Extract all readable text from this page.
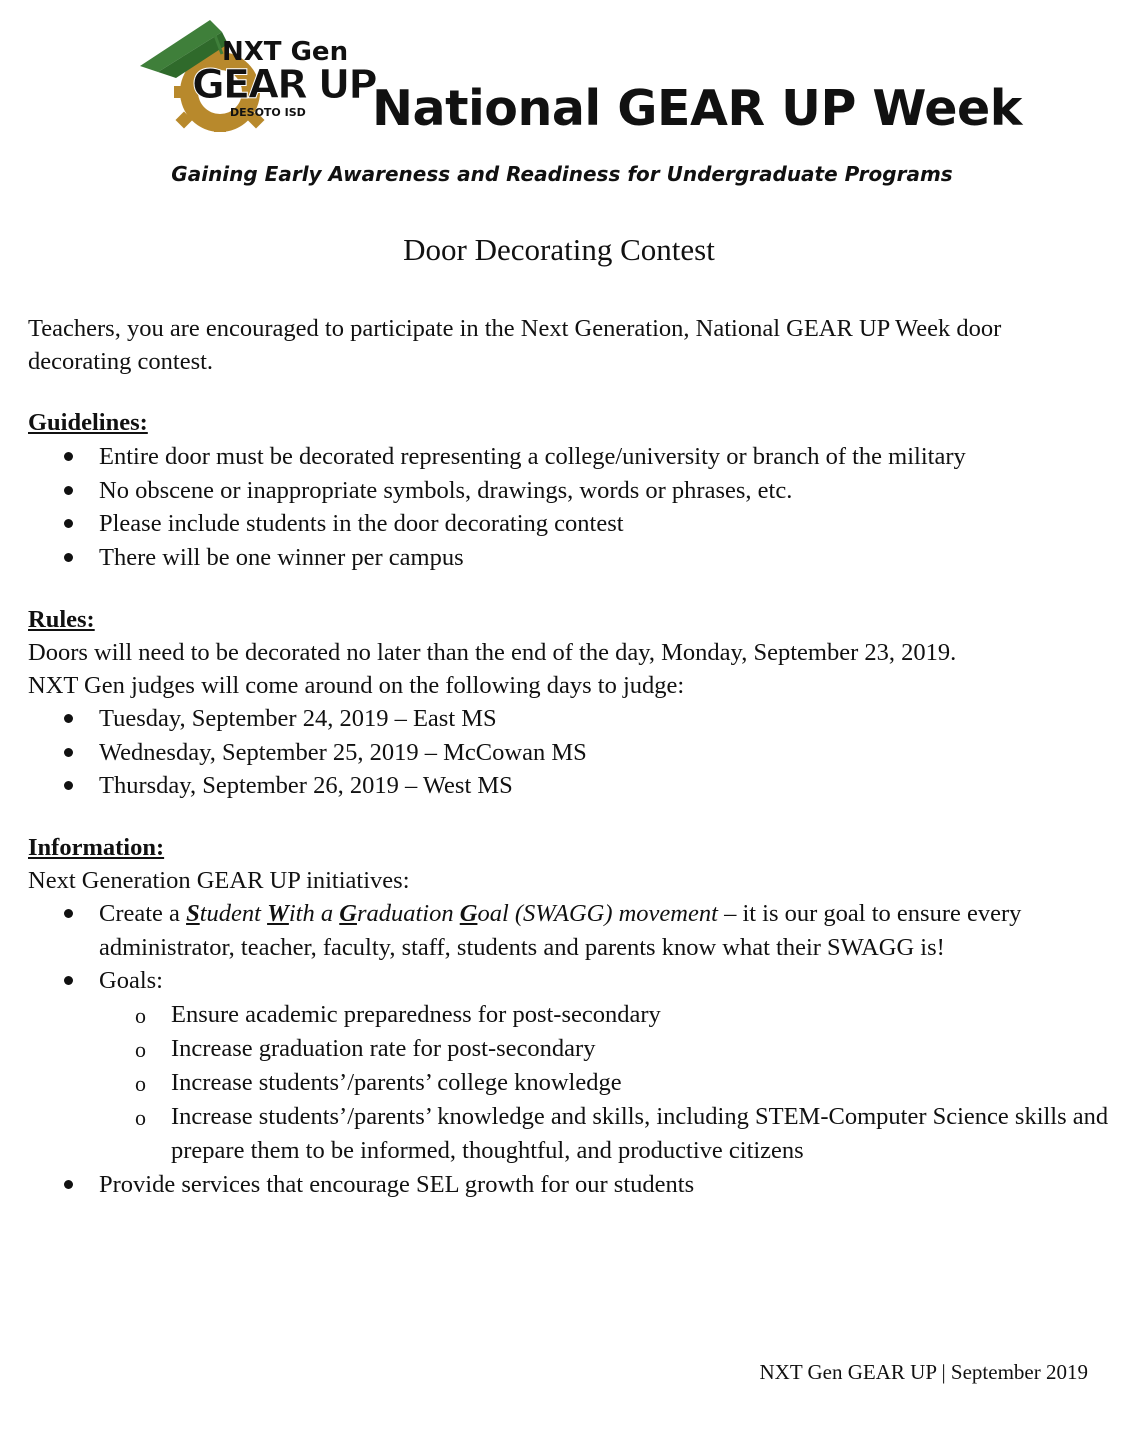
NXT Gen
GEAR UP
DESOTO ISD National GEAR UP Week
Gaining Early Awareness and Readiness for Undergraduate Programs
Door Decorating Contest
Teachers, you are encouraged to participate in the Next Generation, National GEAR UP Week door decorating contest.
Guidelines:
Entire door must be decorated representing a college/university or branch of the military
No obscene or inappropriate symbols, drawings, words or phrases, etc.
Please include students in the door decorating contest
There will be one winner per campus
Rules:
Doors will need to be decorated no later than the end of the day, Monday, September 23, 2019.
NXT Gen judges will come around on the following days to judge:
Tuesday, September 24, 2019 – East MS
Wednesday, September 25, 2019 – McCowan MS
Thursday, September 26, 2019 – West MS
Information:
Next Generation GEAR UP initiatives:
Create a Student With a Graduation Goal (SWAGG) movement – it is our goal to ensure every administrator, teacher, faculty, staff, students and parents know what their SWAGG is!
Goals:
o Ensure academic preparedness for post-secondary
o Increase graduation rate for post-secondary
o Increase students’/parents’ college knowledge
o Increase students’/parents’ knowledge and skills, including STEM-Computer Science skills and prepare them to be informed, thoughtful, and productive citizens
Provide services that encourage SEL growth for our students
NXT Gen GEAR UP | September 2019
